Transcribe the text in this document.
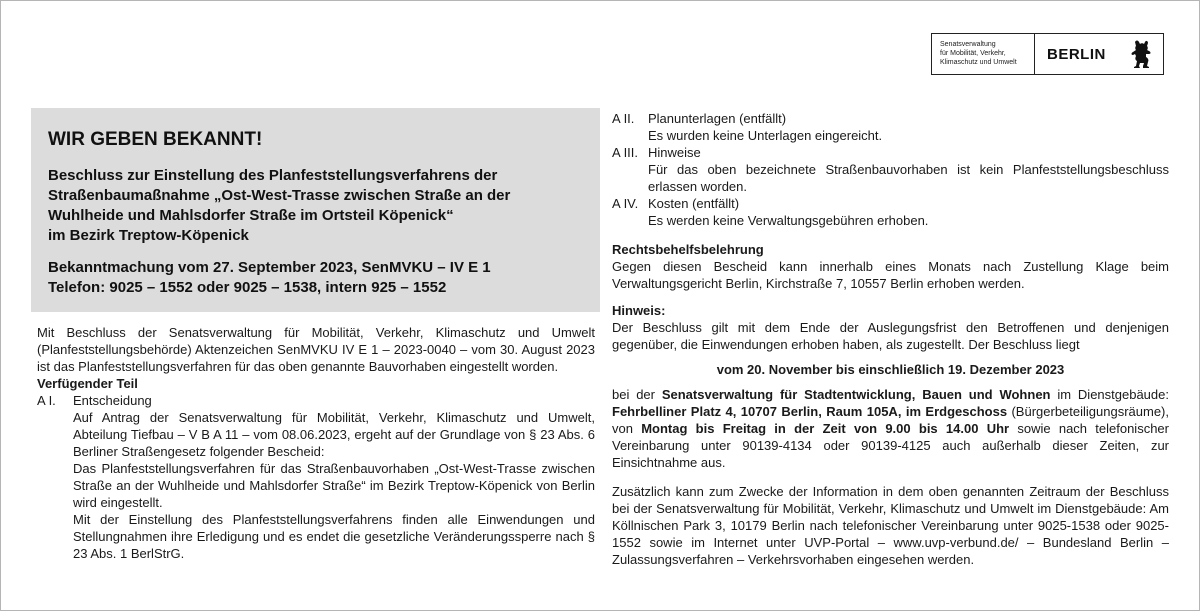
Senatsverwaltung
für Mobilität, Verkehr,
Klimaschutz und Umwelt	BERLIN
WIR GEBEN BEKANNT!
Beschluss zur Einstellung des Planfeststellungsverfahrens der
Straßenbaumaßnahme „Ost-West-Trasse zwischen Straße an der
Wuhlheide und Mahlsdorfer Straße im Ortsteil Köpenick“
im Bezirk Treptow-Köpenick
Bekanntmachung vom 27. September 2023, SenMVKU – IV E 1
Telefon: 9025 – 1552 oder 9025 – 1538, intern 925 – 1552

Mit Beschluss der Senatsverwaltung für Mobilität, Verkehr, Klimaschutz und Umwelt (Planfeststellungsbehörde) Aktenzeichen SenMVKU IV E 1 – 2023-0040 – vom 30. August 2023 ist das Planfeststellungsverfahren für das oben genannte Bauvorhaben eingestellt worden.

Verfügender Teil

A I. Entscheidung

Auf Antrag der Senatsverwaltung für Mobilität, Verkehr, Klimaschutz und Umwelt, Abteilung Tiefbau – V B A 11 – vom 08.06.2023, ergeht auf der Grundlage von § 23 Abs. 6 Berliner Straßengesetz folgender Bescheid:

Das Planfeststellungsverfahren für das Straßenbauvorhaben „Ost-West-Trasse zwischen Straße an der Wuhlheide und Mahlsdorfer Straße“ im Bezirk Treptow-Köpenick von Berlin wird eingestellt.

Mit der Einstellung des Planfeststellungsverfahrens finden alle Einwendungen und Stellungnahmen ihre Erledigung und es endet die gesetzliche Veränderungssperre nach § 23 Abs. 1 BerlStrG.

A II. Planunterlagen (entfällt)

Es wurden keine Unterlagen eingereicht.

A III. Hinweise

Für das oben bezeichnete Straßenbauvorhaben ist kein Planfeststellungsbeschluss erlassen worden.

A IV. Kosten (entfällt)

Es werden keine Verwaltungsgebühren erhoben.

Rechtsbehelfsbelehrung

Gegen diesen Bescheid kann innerhalb eines Monats nach Zustellung Klage beim Verwaltungsgericht Berlin, Kirchstraße 7, 10557 Berlin erhoben werden.

Hinweis:

Der Beschluss gilt mit dem Ende der Auslegungsfrist den Betroffenen und denjenigen gegenüber, die Einwendungen erhoben haben, als zugestellt. Der Beschluss liegt

vom 20. November bis einschließlich 19. Dezember 2023

bei der Senatsverwaltung für Stadtentwicklung, Bauen und Wohnen im Dienstgebäude: Fehrbelliner Platz 4, 10707 Berlin, Raum 105A, im Erdgeschoss (Bürgerbeteiligungsräume), von Montag bis Freitag in der Zeit von 9.00 bis 14.00 Uhr sowie nach telefonischer Vereinbarung unter 90139-4134 oder 90139-4125 auch außerhalb dieser Zeiten, zur Einsichtnahme aus.

Zusätzlich kann zum Zwecke der Information in dem oben genannten Zeitraum der Beschluss bei der Senatsverwaltung für Mobilität, Verkehr, Klimaschutz und Umwelt im Dienstgebäude: Am Köllnischen Park 3, 10179 Berlin nach telefonischer Vereinbarung unter 9025-1538 oder 9025-1552 sowie im Internet unter UVP-Portal – www.uvp-verbund.de/ – Bundesland Berlin – Zulassungsverfahren – Verkehrsvorhaben eingesehen werden.
